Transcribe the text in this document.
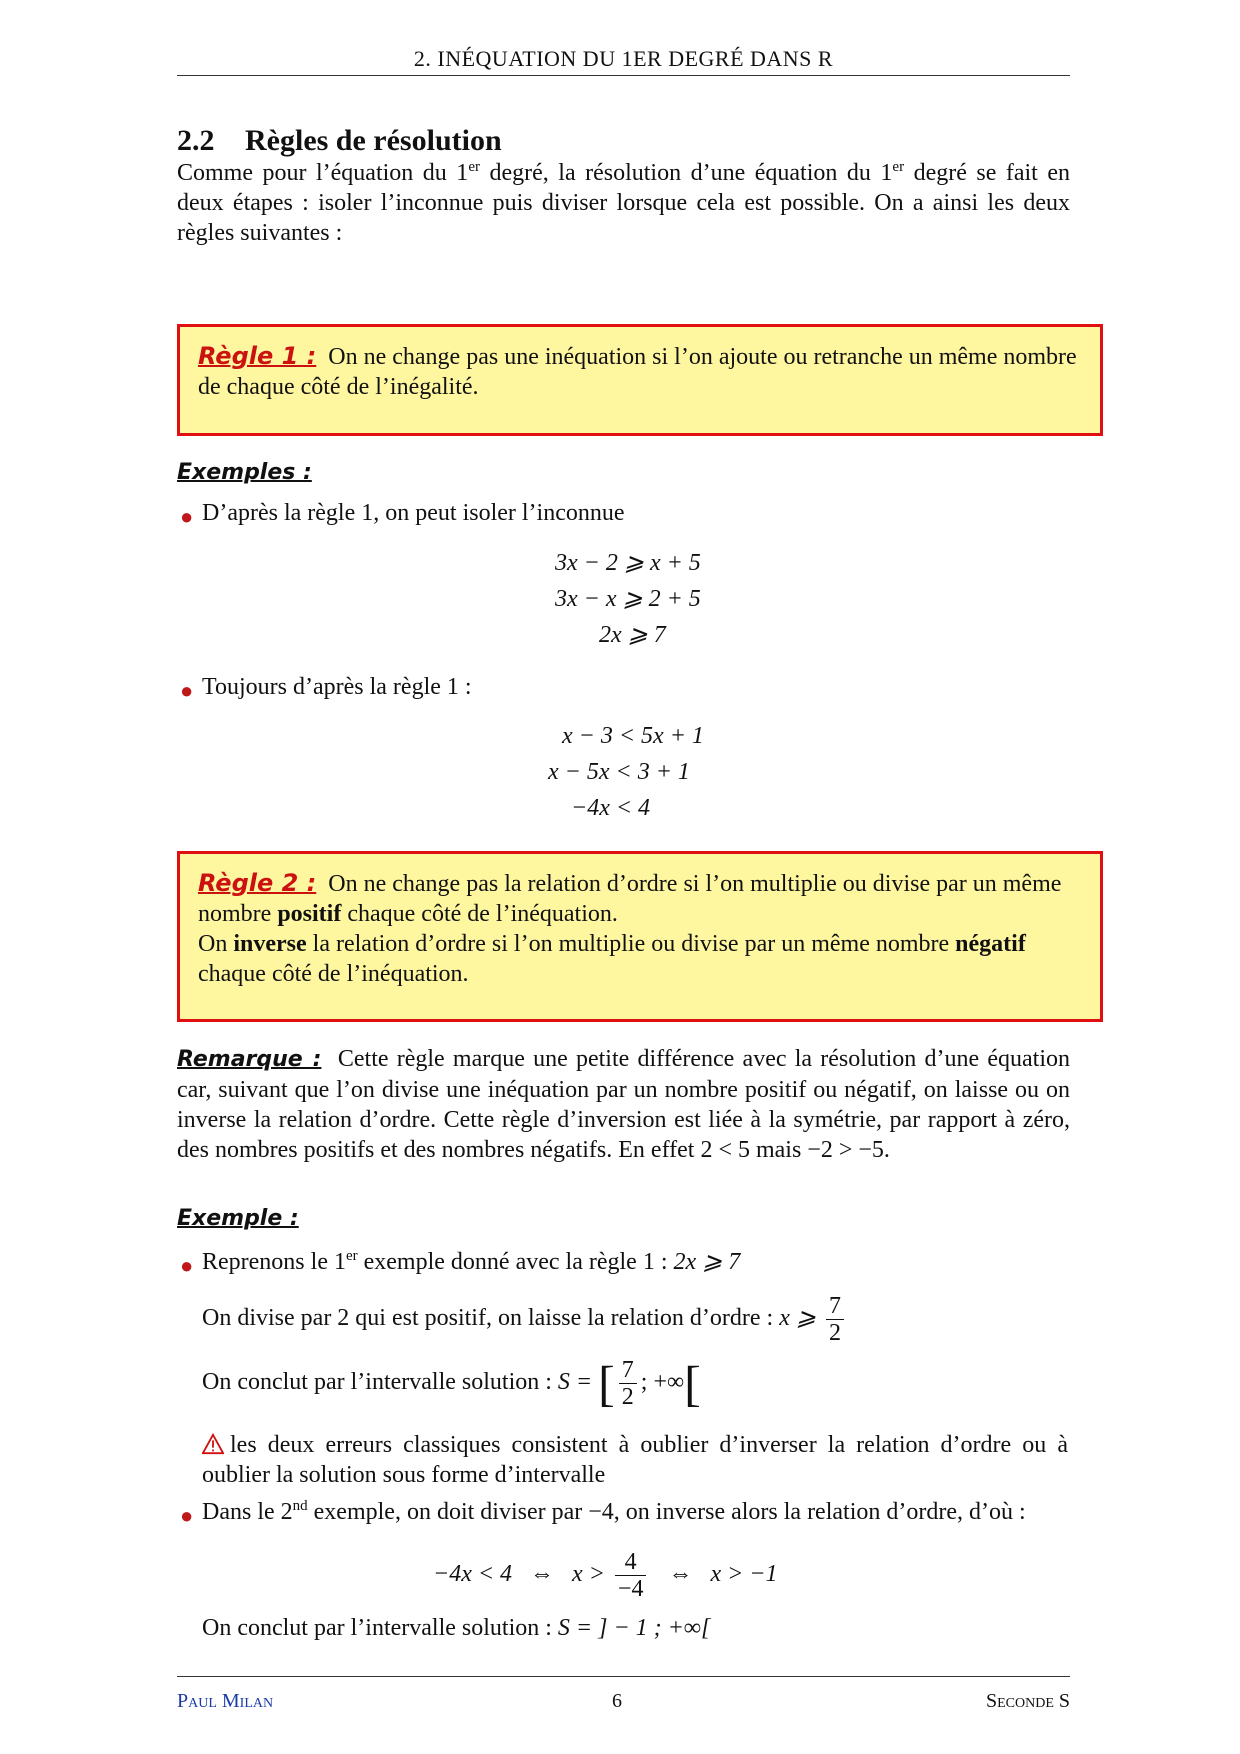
2. INÉQUATION DU 1ER DEGRÉ DANS R
2.2 Règles de résolution
Comme pour l’équation du 1er degré, la résolution d’une équation du 1er degré se fait en deux étapes : isoler l’inconnue puis diviser lorsque cela est possible. On a ainsi les deux règles suivantes :
Règle 1 : On ne change pas une inéquation si l’on ajoute ou retranche un même nombre de chaque côté de l’inégalité.
Exemples :
● D’après la règle 1, on peut isoler l’inconnue
3x − 2 ⩾ x + 5
3x − x ⩾ 2 + 5
2x ⩾ 7
● Toujours d’après la règle 1 :
x − 3 < 5x + 1
x − 5x < 3 + 1
−4x < 4
Règle 2 : On ne change pas la relation d’ordre si l’on multiplie ou divise par un même nombre positif chaque côté de l’inéquation.
On inverse la relation d’ordre si l’on multiplie ou divise par un même nombre négatif chaque côté de l’inéquation.
Remarque : Cette règle marque une petite différence avec la résolution d’une équation car, suivant que l’on divise une inéquation par un nombre positif ou négatif, on laisse ou on inverse la relation d’ordre. Cette règle d’inversion est liée à la symétrie, par rapport à zéro, des nombres positifs et des nombres négatifs. En effet 2 < 5 mais −2 > −5.
Exemple :
● Reprenons le 1er exemple donné avec la règle 1 : 2x ⩾ 7
On divise par 2 qui est positif, on laisse la relation d’ordre : x ⩾ $\frac{7}{2}$
On conclut par l’intervalle solution : S = [ $\frac{7}{2}$ ; +∞[
les deux erreurs classiques consistent à oublier d’inverser la relation d’ordre ou à oublier la solution sous forme d’intervalle
● Dans le 2nd exemple, on doit diviser par −4, on inverse alors la relation d’ordre, d’où :
−4x < 4 ⇔ $x > \frac{4}{-4}$ ⇔ x > −1
On conclut par l’intervalle solution : S = ] − 1 ; +∞[
Paul Milan	6	Seconde S
